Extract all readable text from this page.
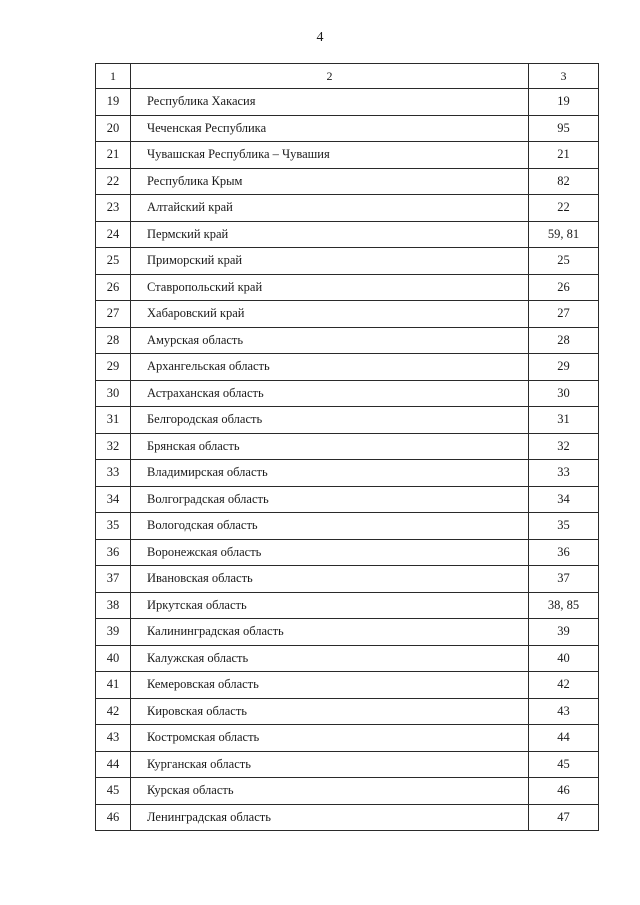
4
1	2	3
19	Республика Хакасия	19
20	Чеченская Республика	95
21	Чувашская Республика – Чувашия	21
22	Республика Крым	82
23	Алтайский край	22
24	Пермский край	59, 81
25	Приморский край	25
26	Ставропольский край	26
27	Хабаровский край	27
28	Амурская область	28
29	Архангельская область	29
30	Астраханская область	30
31	Белгородская область	31
32	Брянская область	32
33	Владимирская область	33
34	Волгоградская область	34
35	Вологодская область	35
36	Воронежская область	36
37	Ивановская область	37
38	Иркутская область	38, 85
39	Калининградская область	39
40	Калужская область	40
41	Кемеровская область	42
42	Кировская область	43
43	Костромская область	44
44	Курганская область	45
45	Курская область	46
46	Ленинградская область	47
